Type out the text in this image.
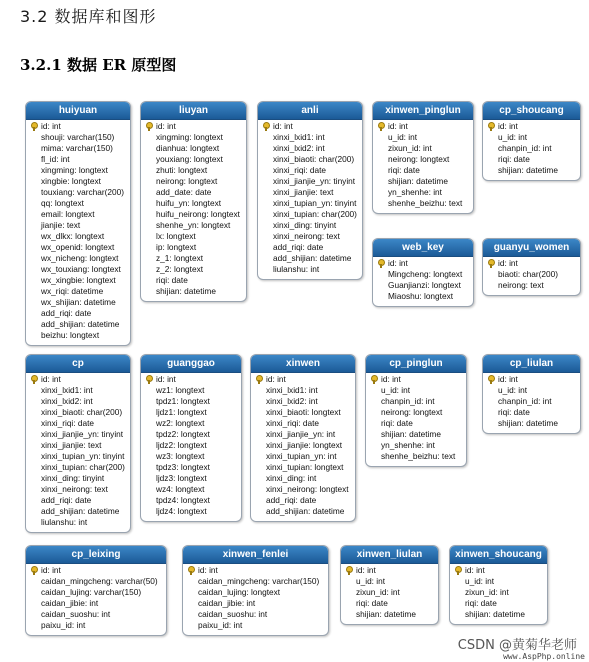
3.2 数据库和图形
3.2.1 数据 ER 原型图
huiyuan
id: int
shouji: varchar(150)
mima: varchar(150)
fl_id: int
xingming: longtext
xingbie: longtext
touxiang: varchar(200)
qq: longtext
email: longtext
jianjie: text
wx_dlkx: longtext
wx_openid: longtext
wx_nicheng: longtext
wx_touxiang: longtext
wx_xingbie: longtext
wx_riqi: datetime
wx_shijian: datetime
add_riqi: date
add_shijian: datetime
beizhu: longtext
liuyan
id: int
xingming: longtext
dianhua: longtext
youxiang: longtext
zhuti: longtext
neirong: longtext
add_date: date
huifu_yn: longtext
huifu_neirong: longtext
shenhe_yn: longtext
lx: longtext
ip: longtext
z_1: longtext
z_2: longtext
riqi: date
shijian: datetime
anli
id: int
xinxi_lxid1: int
xinxi_lxid2: int
xinxi_biaoti: char(200)
xinxi_riqi: date
xinxi_jianjie_yn: tinyint
xinxi_jianjie: text
xinxi_tupian_yn: tinyint
xinxi_tupian: char(200)
xinxi_ding: tinyint
xinxi_neirong: text
add_riqi: date
add_shijian: datetime
liulanshu: int
xinwen_pinglun
id: int
u_id: int
zixun_id: int
neirong: longtext
riqi: date
shijian: datetime
yn_shenhe: int
shenhe_beizhu: text
cp_shoucang
id: int
u_id: int
chanpin_id: int
riqi: date
shijian: datetime
web_key
id: int
Mingcheng: longtext
Guanjianzi: longtext
Miaoshu: longtext
guanyu_women
id: int
biaoti: char(200)
neirong: text
cp
id: int
xinxi_lxid1: int
xinxi_lxid2: int
xinxi_biaoti: char(200)
xinxi_riqi: date
xinxi_jianjie_yn: tinyint
xinxi_jianjie: text
xinxi_tupian_yn: tinyint
xinxi_tupian: char(200)
xinxi_ding: tinyint
xinxi_neirong: text
add_riqi: date
add_shijian: datetime
liulanshu: int
guanggao
id: int
wz1: longtext
tpdz1: longtext
ljdz1: longtext
wz2: longtext
tpdz2: longtext
ljdz2: longtext
wz3: longtext
tpdz3: longtext
ljdz3: longtext
wz4: longtext
tpdz4: longtext
ljdz4: longtext
xinwen
id: int
xinxi_lxid1: int
xinxi_lxid2: int
xinxi_biaoti: longtext
xinxi_riqi: date
xinxi_jianjie_yn: int
xinxi_jianjie: longtext
xinxi_tupian_yn: int
xinxi_tupian: longtext
xinxi_ding: int
xinxi_neirong: longtext
add_riqi: date
add_shijian: datetime
cp_pinglun
id: int
u_id: int
chanpin_id: int
neirong: longtext
riqi: date
shijian: datetime
yn_shenhe: int
shenhe_beizhu: text
cp_liulan
id: int
u_id: int
chanpin_id: int
riqi: date
shijian: datetime
cp_leixing
id: int
caidan_mingcheng: varchar(50)
caidan_lujing: varchar(150)
caidan_jibie: int
caidan_suoshu: int
paixu_id: int
xinwen_fenlei
id: int
caidan_mingcheng: varchar(150)
caidan_lujing: longtext
caidan_jibie: int
caidan_suoshu: int
paixu_id: int
xinwen_liulan
id: int
u_id: int
zixun_id: int
riqi: date
shijian: datetime
xinwen_shoucang
id: int
u_id: int
zixun_id: int
riqi: date
shijian: datetime
CSDN @黄菊华老师
www.AspPhp.online
